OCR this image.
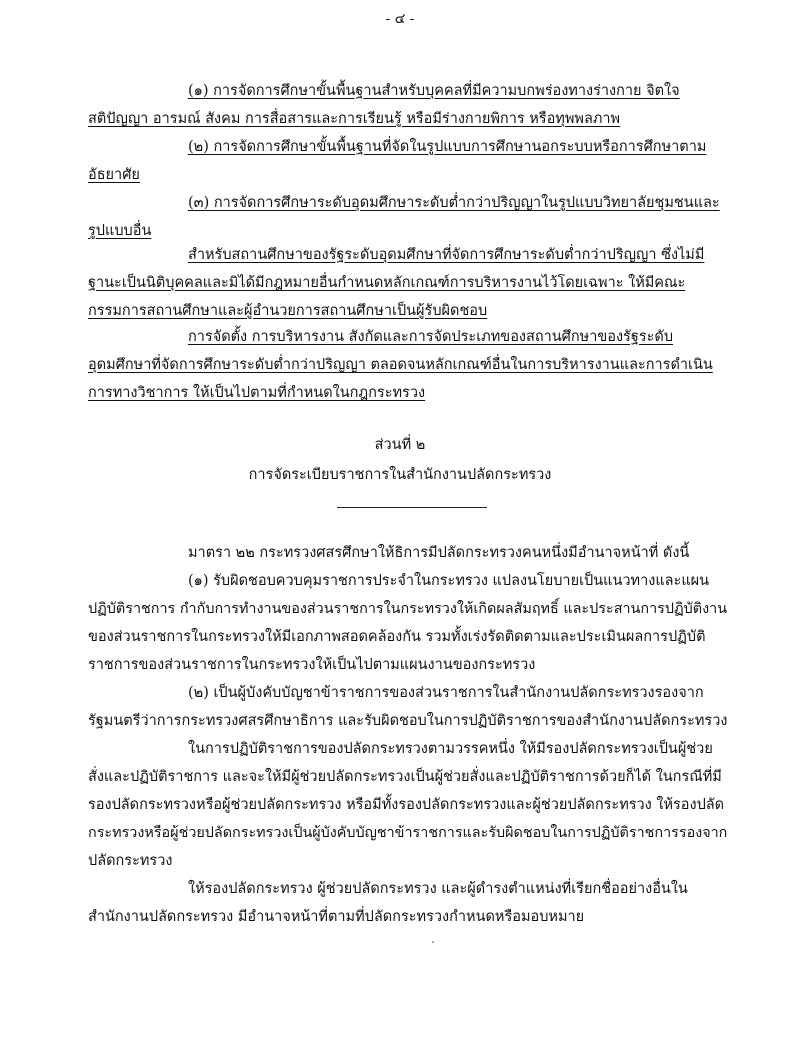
- ๔ -
(๑) การจัดการศึกษาขั้นพื้นฐานสำหรับบุคคลที่มีความบกพร่องทางร่างกาย จิตใจ
สติปัญญา อารมณ์ สังคม การสื่อสารและการเรียนรู้ หรือมีร่างกายพิการ หรือทุพพลภาพ
(๒) การจัดการศึกษาขั้นพื้นฐานที่จัดในรูปแบบการศึกษานอกระบบหรือการศึกษาตาม
อัธยาศัย
(๓) การจัดการศึกษาระดับอุดมศึกษาระดับต่ำกว่าปริญญาในรูปแบบวิทยาลัยชุมชนและ
รูปแบบอื่น
สำหรับสถานศึกษาของรัฐระดับอุดมศึกษาที่จัดการศึกษาระดับต่ำกว่าปริญญา ซึ่งไม่มี
ฐานะเป็นนิติบุคคลและมิได้มีกฎหมายอื่นกำหนดหลักเกณฑ์การบริหารงานไว้โดยเฉพาะ ให้มีคณะ
กรรมการสถานศึกษาและผู้อำนวยการสถานศึกษาเป็นผู้รับผิดชอบ
การจัดตั้ง การบริหารงาน สังกัดและการจัดประเภทของสถานศึกษาของรัฐระดับ
อุดมศึกษาที่จัดการศึกษาระดับต่ำกว่าปริญญา ตลอดจนหลักเกณฑ์อื่นในการบริหารงานและการดำเนิน
การทางวิชาการ ให้เป็นไปตามที่กำหนดในกฎกระทรวง
ส่วนที่ ๒
การจัดระเบียบราชการในสำนักงานปลัดกระทรวง
มาตรา ๒๒ กระทรวงศสรศึกษาให้ธิการมีปลัดกระทรวงคนหนึ่งมีอำนาจหน้าที่ ดังนี้
(๑) รับผิดชอบควบคุมราชการประจำในกระทรวง แปลงนโยบายเป็นแนวทางและแผน
ปฏิบัติราชการ กำกับการทำงานของส่วนราชการในกระทรวงให้เกิดผลสัมฤทธิ์ และประสานการปฏิบัติงาน
ของส่วนราชการในกระทรวงให้มีเอกภาพสอดคล้องกัน รวมทั้งเร่งรัดติดตามและประเมินผลการปฏิบัติ
ราชการของส่วนราชการในกระทรวงให้เป็นไปตามแผนงานของกระทรวง
(๒) เป็นผู้บังคับบัญชาข้าราชการของส่วนราชการในสำนักงานปลัดกระทรวงรองจาก
รัฐมนตรีว่าการกระทรวงศสรศึกษาธิการ และรับผิดชอบในการปฏิบัติราชการของสำนักงานปลัดกระทรวง
ในการปฏิบัติราชการของปลัดกระทรวงตามวรรคหนึ่ง ให้มีรองปลัดกระทรวงเป็นผู้ช่วย
สั่งและปฏิบัติราชการ และจะให้มีผู้ช่วยปลัดกระทรวงเป็นผู้ช่วยสั่งและปฏิบัติราชการด้วยก็ได้ ในกรณีที่มี
รองปลัดกระทรวงหรือผู้ช่วยปลัดกระทรวง หรือมีทั้งรองปลัดกระทรวงและผู้ช่วยปลัดกระทรวง ให้รองปลัด
กระทรวงหรือผู้ช่วยปลัดกระทรวงเป็นผู้บังคับบัญชาข้าราชการและรับผิดชอบในการปฏิบัติราชการรองจาก
ปลัดกระทรวง
ให้รองปลัดกระทรวง ผู้ช่วยปลัดกระทรวง และผู้ดำรงตำแหน่งที่เรียกชื่ออย่างอื่นใน
สำนักงานปลัดกระทรวง มีอำนาจหน้าที่ตามที่ปลัดกระทรวงกำหนดหรือมอบหมาย
